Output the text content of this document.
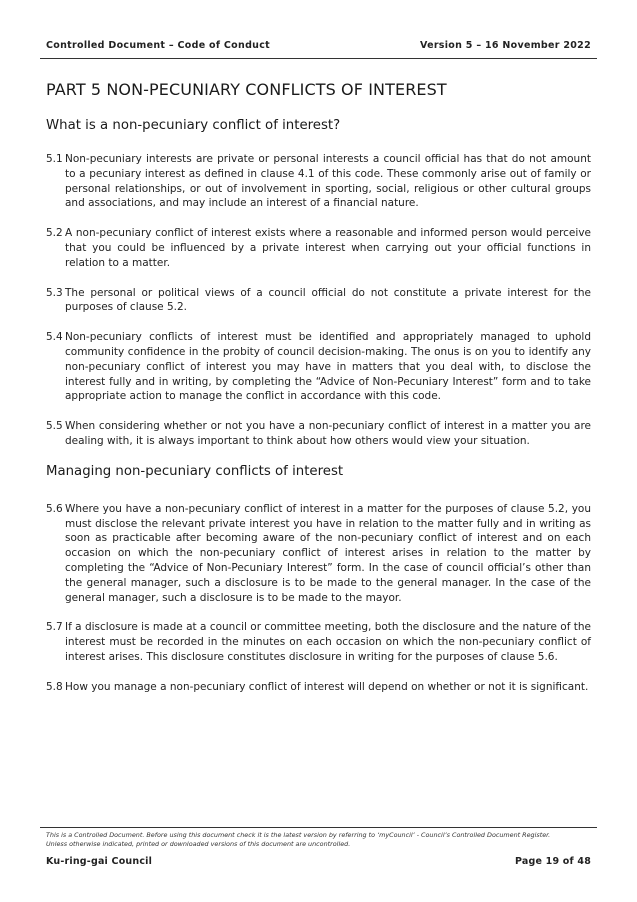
Controlled Document – Code of Conduct	Version 5 – 16 November 2022
PART 5 NON-PECUNIARY CONFLICTS OF INTEREST
What is a non-pecuniary conflict of interest?
5.1 Non-pecuniary interests are private or personal interests a council official has that do not amount to a pecuniary interest as defined in clause 4.1 of this code. These commonly arise out of family or personal relationships, or out of involvement in sporting, social, religious or other cultural groups and associations, and may include an interest of a financial nature.
5.2 A non-pecuniary conflict of interest exists where a reasonable and informed person would perceive that you could be influenced by a private interest when carrying out your official functions in relation to a matter.
5.3 The personal or political views of a council official do not constitute a private interest for the purposes of clause 5.2.
5.4 Non-pecuniary conflicts of interest must be identified and appropriately managed to uphold community confidence in the probity of council decision-making. The onus is on you to identify any non-pecuniary conflict of interest you may have in matters that you deal with, to disclose the interest fully and in writing, by completing the “Advice of Non-Pecuniary Interest” form and to take appropriate action to manage the conflict in accordance with this code.
5.5 When considering whether or not you have a non-pecuniary conflict of interest in a matter you are dealing with, it is always important to think about how others would view your situation.
Managing non-pecuniary conflicts of interest
5.6 Where you have a non-pecuniary conflict of interest in a matter for the purposes of clause 5.2, you must disclose the relevant private interest you have in relation to the matter fully and in writing as soon as practicable after becoming aware of the non-pecuniary conflict of interest and on each occasion on which the non-pecuniary conflict of interest arises in relation to the matter by completing the “Advice of Non-Pecuniary Interest” form. In the case of council official’s other than the general manager, such a disclosure is to be made to the general manager. In the case of the general manager, such a disclosure is to be made to the mayor.
5.7 If a disclosure is made at a council or committee meeting, both the disclosure and the nature of the interest must be recorded in the minutes on each occasion on which the non-pecuniary conflict of interest arises. This disclosure constitutes disclosure in writing for the purposes of clause 5.6.
5.8 How you manage a non-pecuniary conflict of interest will depend on whether or not it is significant.
This is a Controlled Document. Before using this document check it is the latest version by referring to ‘myCouncil’ - Council’s Controlled Document Register.
Unless otherwise indicated, printed or downloaded versions of this document are uncontrolled.
Ku-ring-gai Council	Page 19 of 48
